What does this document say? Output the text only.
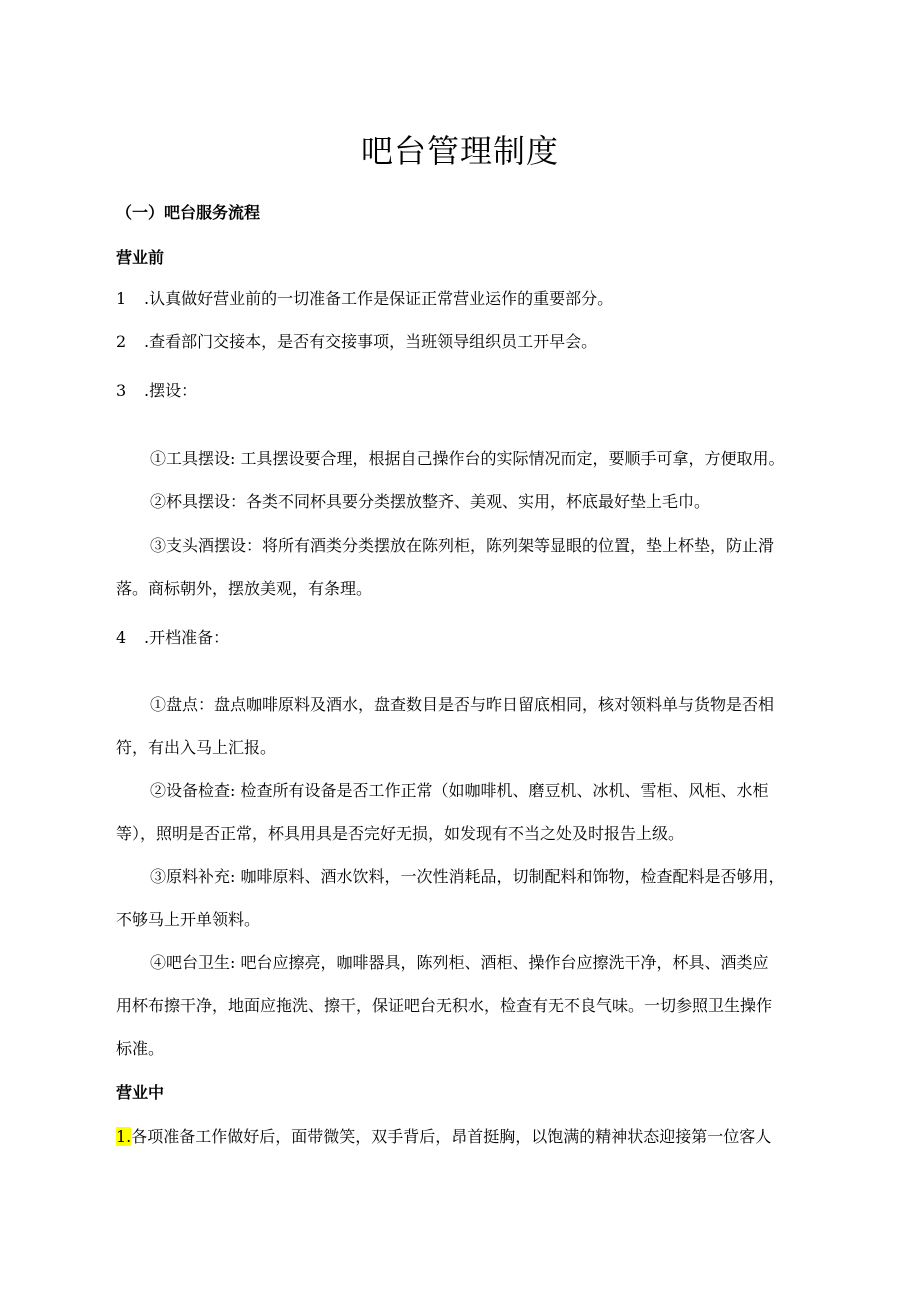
吧台管理制度
（一）吧台服务流程
营业前
1 .认真做好营业前的一切准备工作是保证正常营业运作的重要部分。
2 .查看部门交接本，是否有交接事项，当班领导组织员工开早会。
3 .摆设：
①工具摆设: 工具摆设要合理，根据自己操作台的实际情况而定，要顺手可拿，方便取用。
②杯具摆设：各类不同杯具要分类摆放整齐、美观、实用，杯底最好垫上毛巾。
③支头酒摆设：将所有酒类分类摆放在陈列柜，陈列架等显眼的位置，垫上杯垫，防止滑
落。商标朝外，摆放美观，有条理。
4 .开档准备：
①盘点：盘点咖啡原料及酒水，盘查数目是否与昨日留底相同，核对领料单与货物是否相
符，有出入马上汇报。
②设备检查: 检查所有设备是否工作正常（如咖啡机、磨豆机、冰机、雪柜、风柜、水柜
等），照明是否正常，杯具用具是否完好无损，如发现有不当之处及时报告上级。
③原料补充: 咖啡原料、酒水饮料，一次性消耗品，切制配料和饰物，检查配料是否够用，
不够马上开单领料。
④吧台卫生: 吧台应擦亮，咖啡器具，陈列柜、酒柜、操作台应擦洗干净，杯具、酒类应
用杯布擦干净，地面应拖洗、擦干，保证吧台无积水，检查有无不良气味。一切参照卫生操作
标准。
营业中
1.各项准备工作做好后，面带微笑，双手背后，昂首挺胸，以饱满的精神状态迎接第一位客人
